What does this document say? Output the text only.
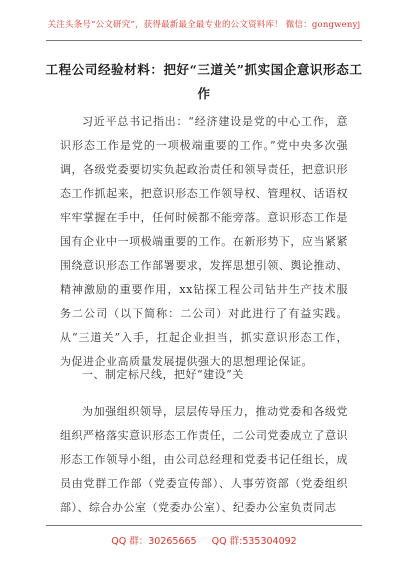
关注头条号“公文研究”，获得最新最全最专业的公文资料库！ 微信：gongwenyj
工程公司经验材料：把好“三道关”抓实国企意识形态工作
习近平总书记指出：“经济建设是党的中心工作，意识形态工作是党的一项极端重要的工作。”党中央多次强调，各级党委要切实负起政治责任和领导责任，把意识形态工作抓起来，把意识形态工作领导权、管理权、话语权牢牢掌握在手中，任何时候都不能旁落。意识形态工作是国有企业中一项极端重要的工作。在新形势下，应当紧紧围绕意识形态工作部署要求，发挥思想引领、舆论推动、精神激励的重要作用，xx钻探工程公司钻井生产技术服务二公司（以下简称：二公司）对此进行了有益实践。从“三道关”入手，扛起企业担当，抓实意识形态工作，为促进企业高质量发展提供强大的思想理论保证。
一、制定标尺线，把好“建设”关
为加强组织领导，层层传导压力，推动党委和各级党组织严格落实意识形态工作责任，二公司党委成立了意识形态工作领导小组，由公司总经理和党委书记任组长，成员由党群工作部（党委宣传部）、人事劳资部（党委组织部）、综合办公室（党委办公室）、纪委办公室负责同志
QQ 群：30265665 QQ 群:535304092
